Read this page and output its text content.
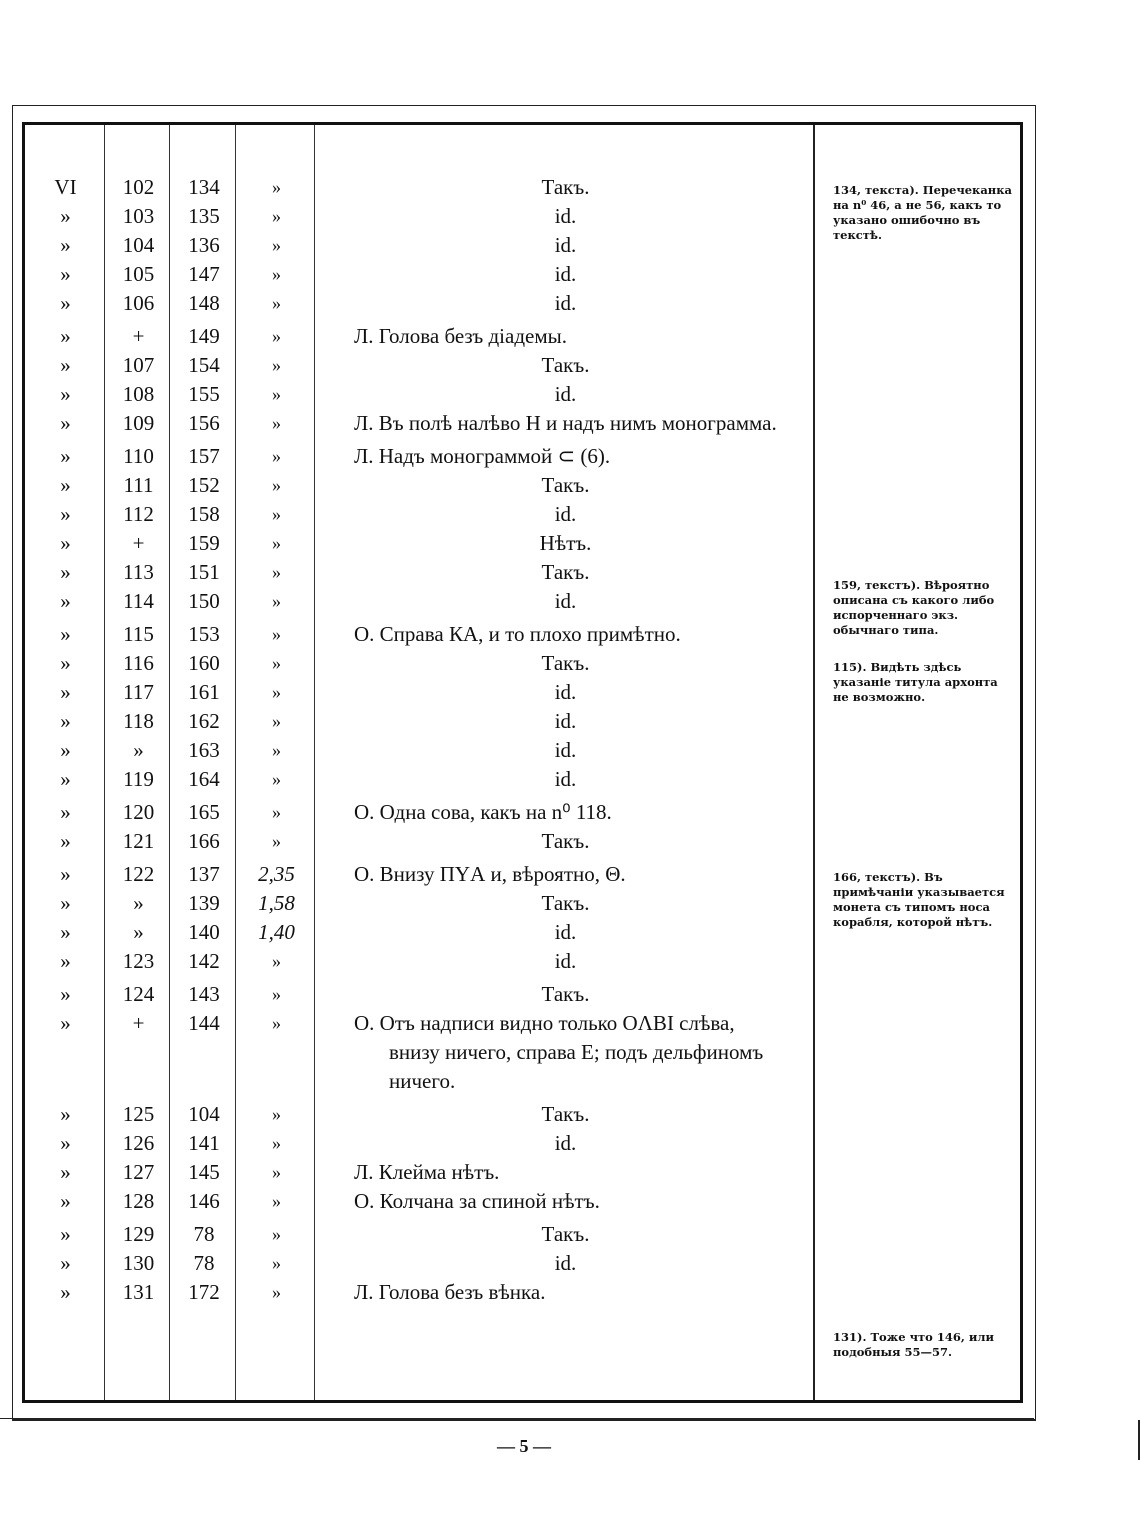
VI	102	134	»	Такъ.
»	103	135	»	id.
»	104	136	»	id.
»	105	147	»	id.
»	106	148	»	id.
»	+	149	»	Л. Голова безъ діадемы.
»	107	154	»	Такъ.
»	108	155	»	id.
»	109	156	»	Л. Въ полѣ налѣво Н и надъ нимъ монограмма.
»	110	157	»	Л. Надъ монограммой ⊂ (6).
»	111	152	»	Такъ.
»	112	158	»	id.
»	+	159	»	Нѣтъ.
»	113	151	»	Такъ.
»	114	150	»	id.
»	115	153	»	О. Справа КА, и то плохо примѣтно.
»	116	160	»	Такъ.
»	117	161	»	id.
»	118	162	»	id.
»	»	163	»	id.
»	119	164	»	id.
»	120	165	»	О. Одна сова, какъ на n⁰ 118.
»	121	166	»	Такъ.
»	122	137	2,35	О. Внизу ПYА и, вѣроятно, Θ.
»	»	139	1,58	Такъ.
»	»	140	1,40	id.
»	123	142	»	id.
»	124	143	»	Такъ.
»	+	144	»	О. Отъ надписи видно только ОΛВІ слѣва, внизу ничего, справа Е; подъ дельфиномъ ничего.
»	125	104	»	Такъ.
»	126	141	»	id.
»	127	145	»	Л. Клейма нѣтъ.
»	128	146	»	О. Колчана за спиной нѣтъ.
»	129	78	»	Такъ.
»	130	78	»	id.
»	131	172	»	Л. Голова безъ вѣнка.
134, текста). Перечеканка на n⁰ 46, а не 56, какъ то указано ошибочно въ текстѣ.
159, текстъ). Вѣроятно описана съ какого либо испорченнаго экз. обычнаго типа.
115). Видѣть здѣсь указаніе титула архонта не возможно.
166, текстъ). Въ примѣчаніи указывается монета съ типомъ носа корабля, которой нѣтъ.
131). Тоже что 146, или подобныя 55—57.
— 5 —
